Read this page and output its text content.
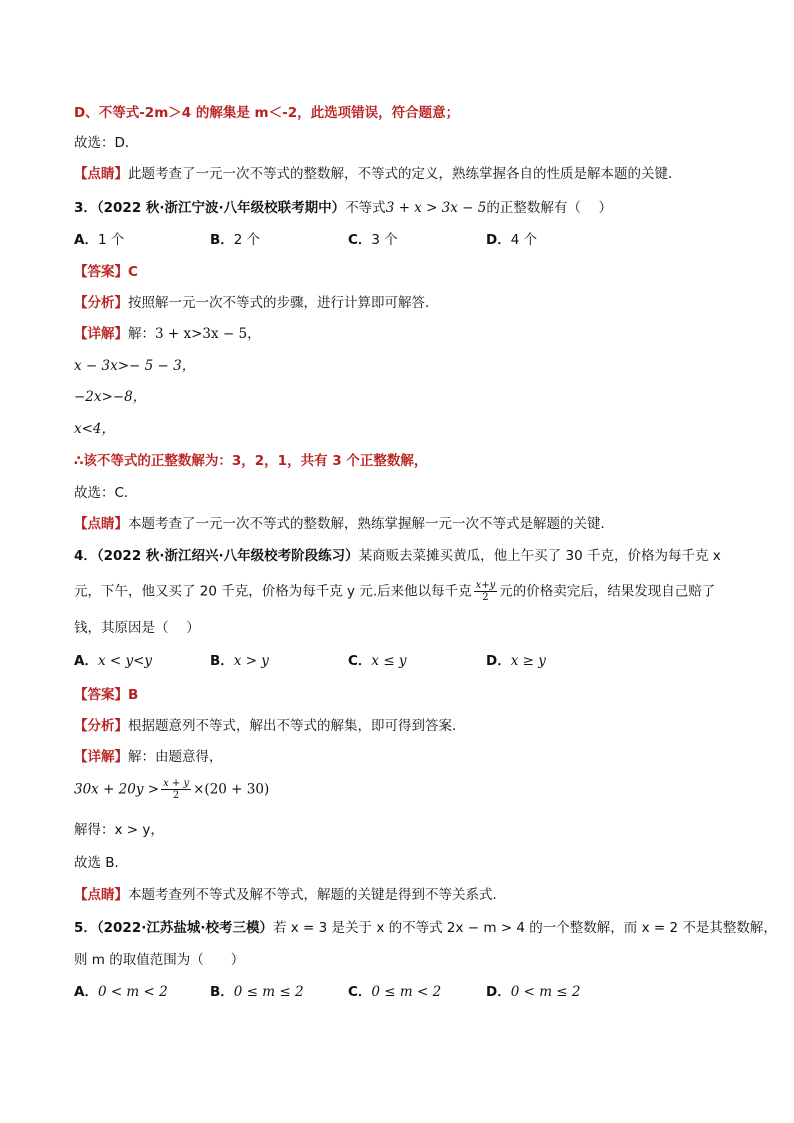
D、不等式-2m＞4 的解集是 m＜-2，此选项错误，符合题意；
故选：D．
【点睛】此题考查了一元一次不等式的整数解，不等式的定义，熟练掌握各自的性质是解本题的关键．
3．（2022 秋·浙江宁波·八年级校联考期中）不等式3 + x > 3x − 5的正整数解有（　 ）
A．1 个	B．2 个	C．3 个	D．4 个
【答案】C
【分析】按照解一元一次不等式的步骤，进行计算即可解答．
【详解】解：3 + x>3x − 5，
x − 3x>− 5 − 3，
−2x>−8，
x<4，
∴该不等式的正整数解为：3，2，1，共有 3 个正整数解，
故选：C．
【点睛】本题考查了一元一次不等式的整数解，熟练掌握解一元一次不等式是解题的关键．
4．（2022 秋·浙江绍兴·八年级校考阶段练习）某商贩去菜摊买黄瓜，他上午买了 30 千克，价格为每千克 x
元，下午，他又买了 20 千克，价格为每千克 y 元.后来他以每千克 $\frac{x+y}{2}$ 元的价格卖完后，结果发现自己赔了
钱，其原因是（　 ）
A．x < y<y	B．x > y	C．x ≤ y	D．x ≥ y
【答案】B
【分析】根据题意列不等式，解出不等式的解集，即可得到答案．
【详解】解：由题意得，
$30x + 20y > \frac{x + y}{2} \times(20 + 30)$
解得：x > y，
故选 B．
【点睛】本题考查列不等式及解不等式，解题的关键是得到不等关系式．
5．（2022·江苏盐城·校考三模）若 x = 3 是关于 x 的不等式 2x − m > 4 的一个整数解，而 x = 2 不是其整数解，
则 m 的取值范围为（　　）
A．0 < m < 2	B．0 ≤ m ≤ 2	C．0 ≤ m < 2	D．0 < m ≤ 2
